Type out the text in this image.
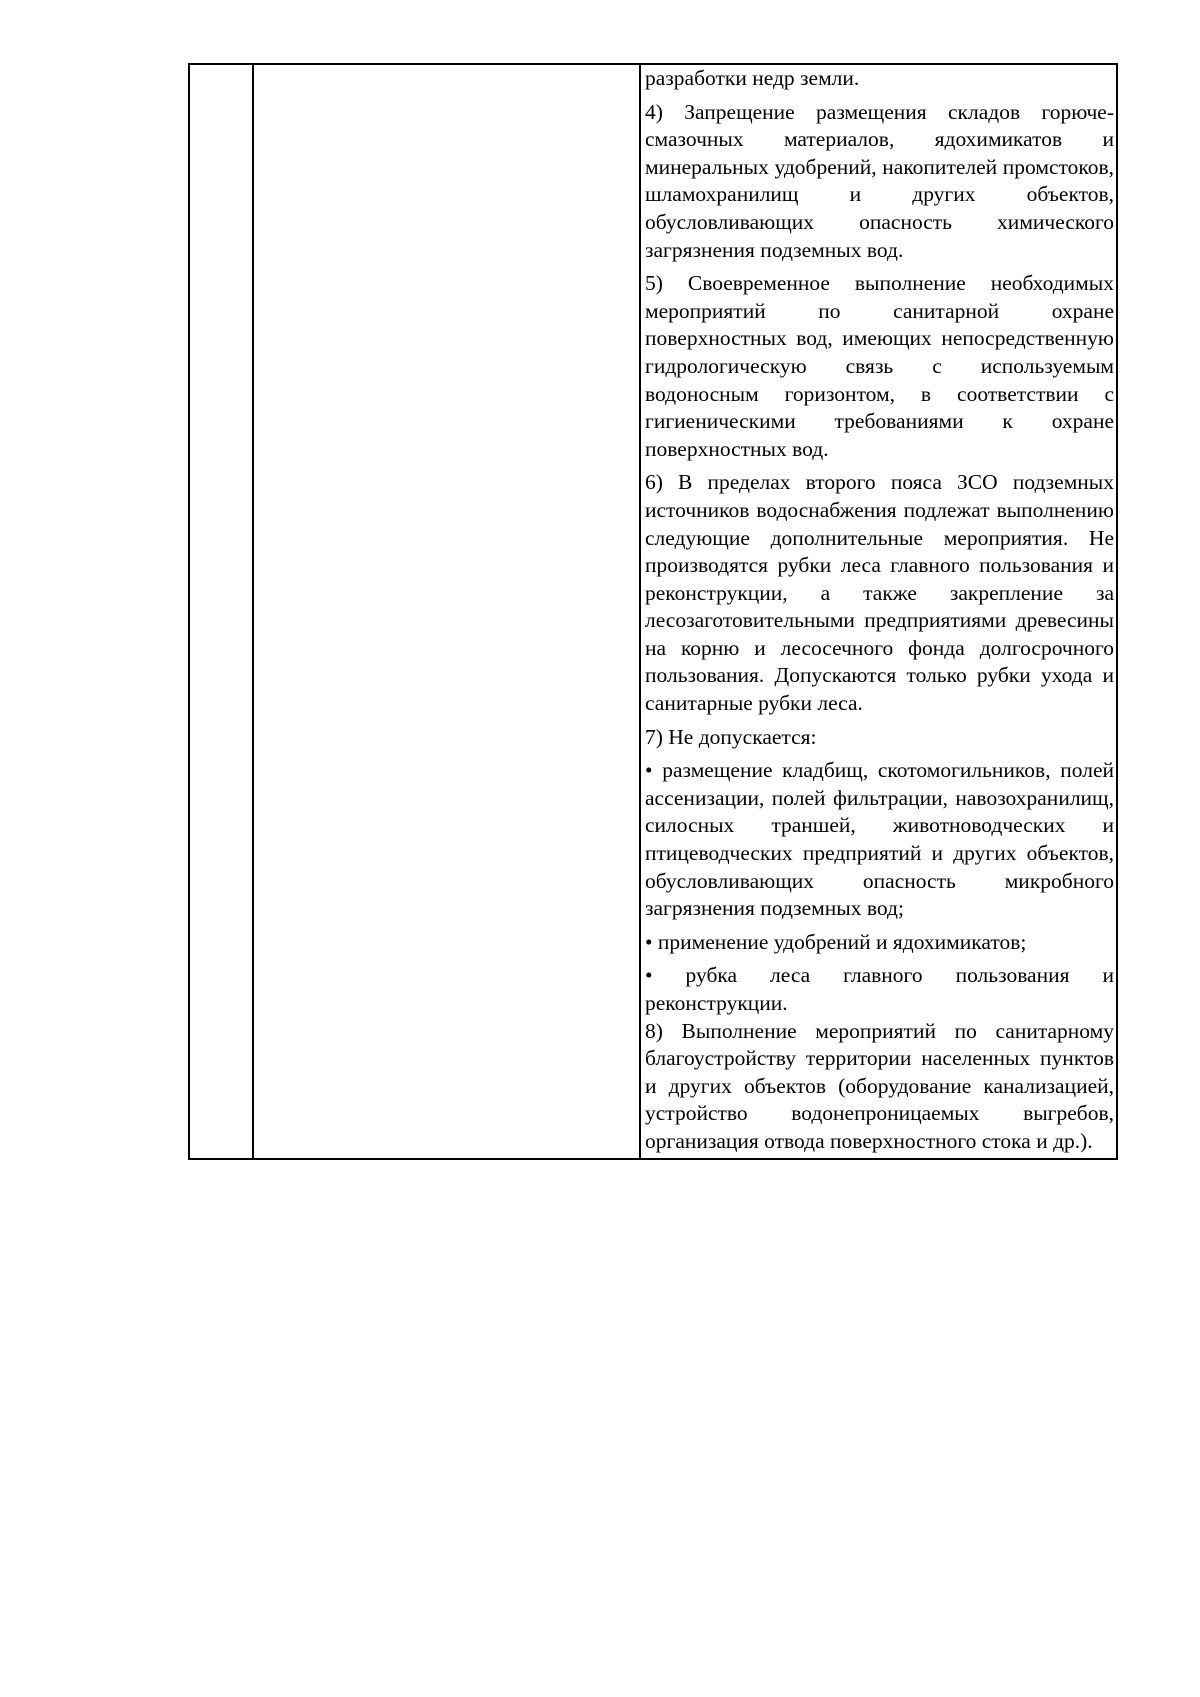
разработки недр земли.

4) Запрещение размещения складов горюче-смазочных материалов, ядохимикатов и минеральных удобрений, накопителей промстоков, шламохранилищ и других объектов, обусловливающих опасность химического загрязнения подземных вод.

5) Своевременное выполнение необходимых мероприятий по санитарной охране поверхностных вод, имеющих непосредственную гидрологическую связь с используемым водоносным горизонтом, в соответствии с гигиеническими требованиями к охране поверхностных вод.

6) В пределах второго пояса ЗСО подземных источников водоснабжения подлежат выполнению следующие дополнительные мероприятия. Не производятся рубки леса главного пользования и реконструкции, а также закрепление за лесозаготовительными предприятиями древесины на корню и лесосечного фонда долгосрочного пользования. Допускаются только рубки ухода и санитарные рубки леса.

7) Не допускается:

• размещение кладбищ, скотомогильников, полей ассенизации, полей фильтрации, навозохранилищ, силосных траншей, животноводческих и птицеводческих предприятий и других объектов, обусловливающих опасность микробного загрязнения подземных вод;

• применение удобрений и ядохимикатов;

• рубка леса главного пользования и реконструкции.

8) Выполнение мероприятий по санитарному благоустройству территории населенных пунктов и других объектов (оборудование канализацией, устройство водонепроницаемых выгребов, организация отвода поверхностного стока и др.).
